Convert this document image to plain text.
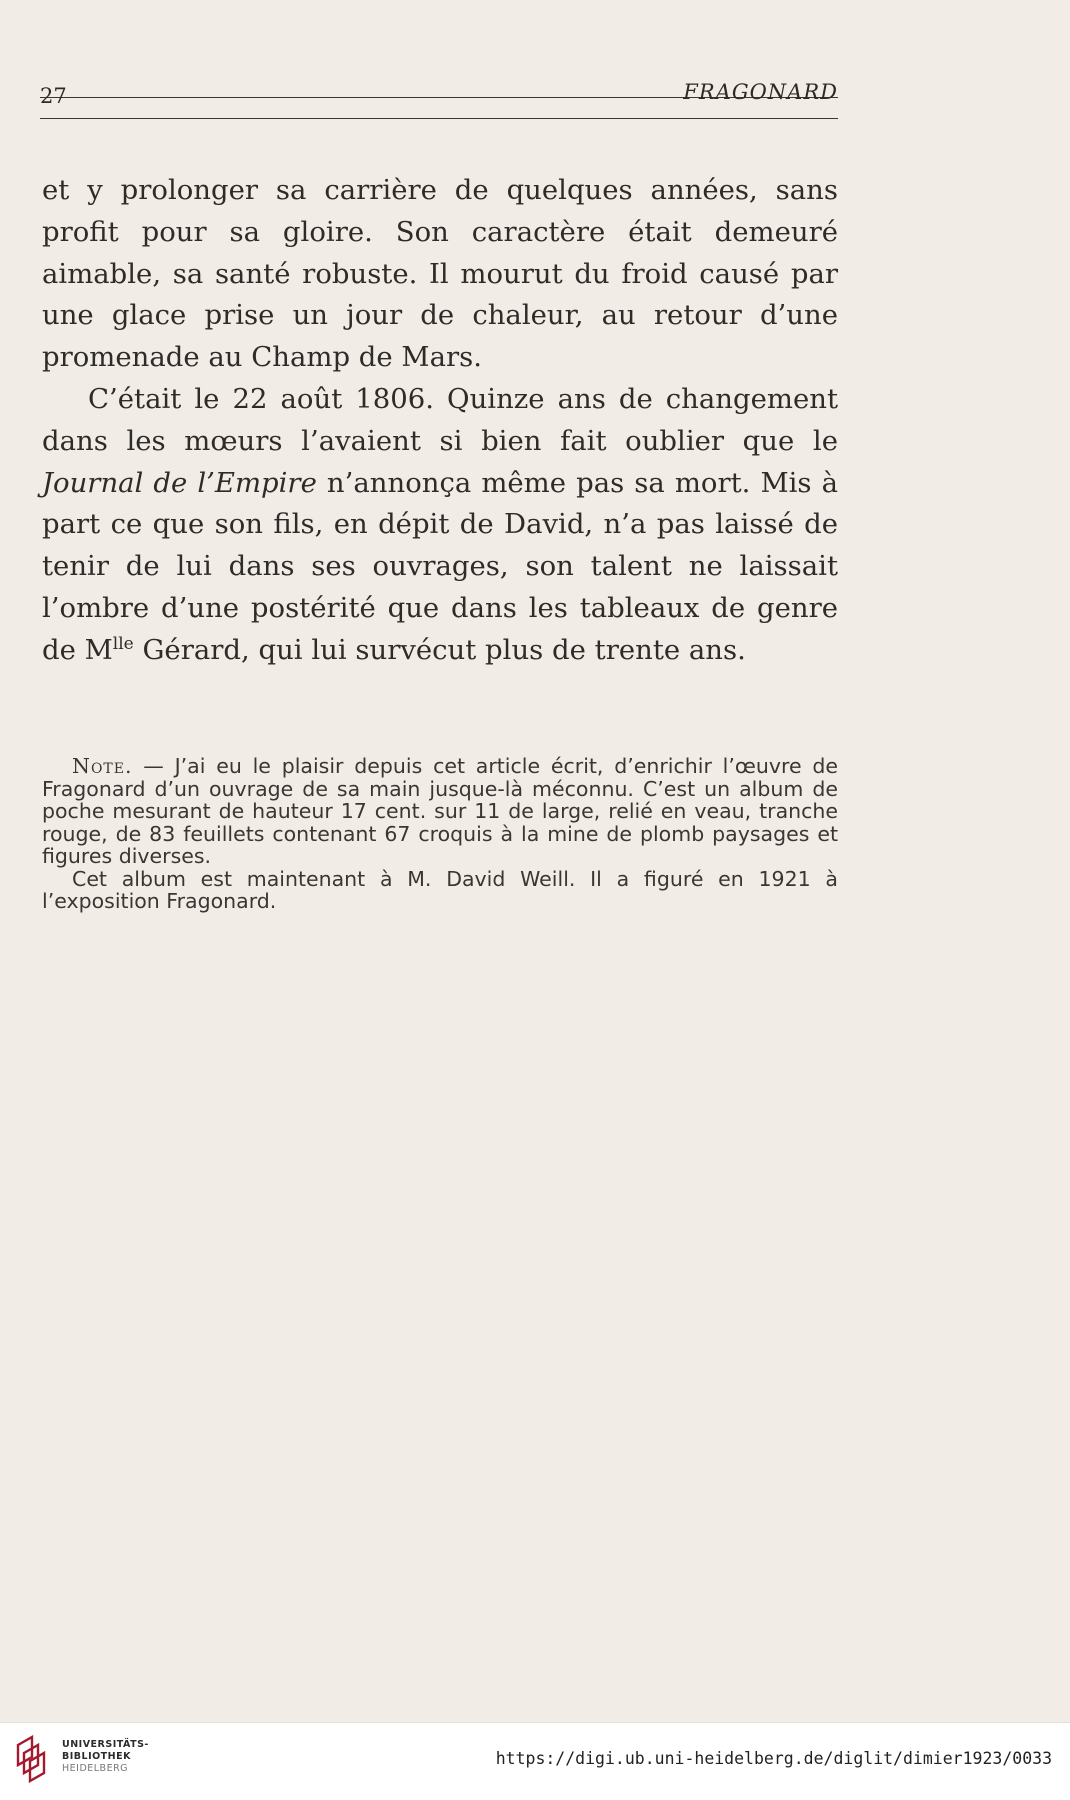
27	FRAGONARD

et y prolonger sa carrière de quelques années, sans profit pour sa gloire. Son caractère était demeuré aimable, sa santé robuste. Il mourut du froid causé par une glace prise un jour de chaleur, au retour d’une promenade au Champ de Mars.

C’était le 22 août 1806. Quinze ans de changement dans les mœurs l’avaient si bien fait oublier que le Journal de l’Empire n’annonça même pas sa mort. Mis à part ce que son fils, en dépit de David, n’a pas laissé de tenir de lui dans ses ouvrages, son talent ne laissait l’ombre d’une postérité que dans les tableaux de genre de $M^{lle}$ Gérard, qui lui survécut plus de trente ans.

Note. — J’ai eu le plaisir depuis cet article écrit, d’enrichir l’œuvre de Fragonard d’un ouvrage de sa main jusque-là méconnu. C’est un album de poche mesurant de hauteur 17 cent. sur 11 de large, relié en veau, tranche rouge, de 83 feuillets contenant 67 croquis à la mine de plomb paysages et figures diverses.

Cet album est maintenant à M. David Weill. Il a figuré en 1921 à l’exposition Fragonard.

UNIVERSITÄTS-
BIBLIOTHEK
HEIDELBERG
https://digi.ub.uni-heidelberg.de/diglit/dimier1923/0033
